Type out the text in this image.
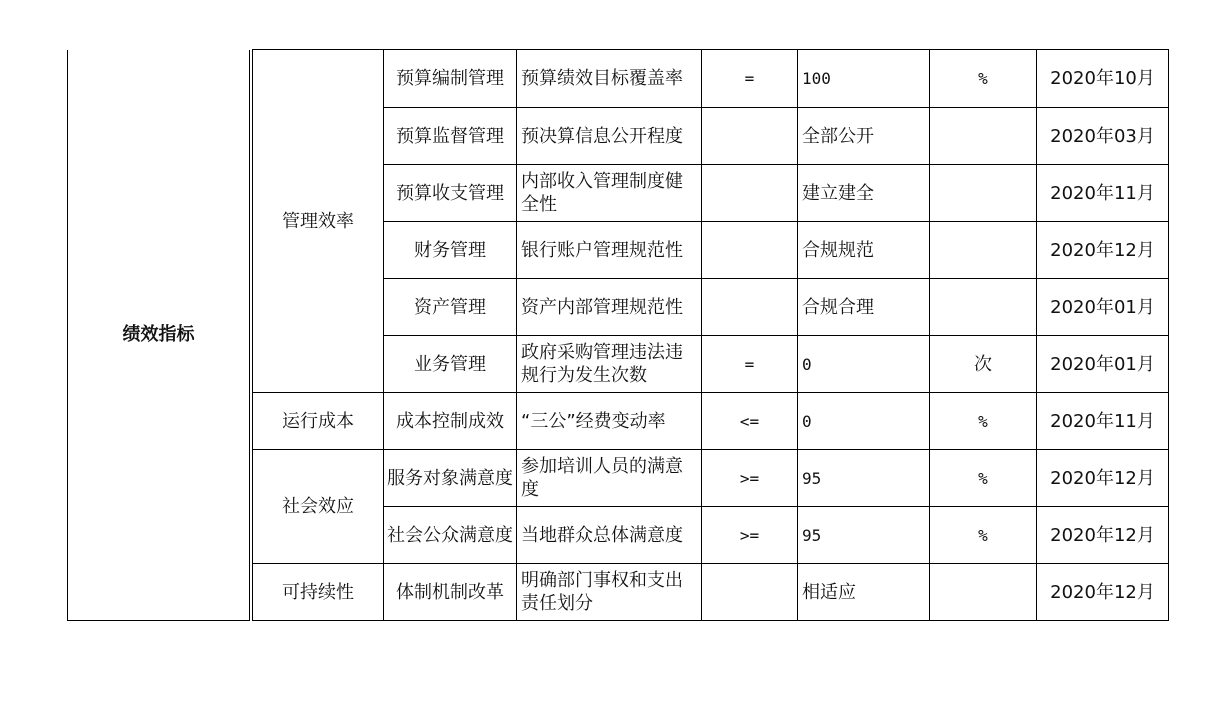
绩效指标		管理效率	预算编制管理	预算绩效目标覆盖率	=	100	%	2020年10月
			预算监督管理	预决算信息公开程度		全部公开		2020年03月
			预算收支管理	内部收入管理制度健全性		建立建全		2020年11月
			财务管理	银行账户管理规范性		合规规范		2020年12月
			资产管理	资产内部管理规范性		合规合理		2020年01月
			业务管理	政府采购管理违法违规行为发生次数	=	0	次	2020年01月
		运行成本	成本控制成效	“三公”经费变动率	<=	0	%	2020年11月
		社会效应	服务对象满意度	参加培训人员的满意度	>=	95	%	2020年12月
			社会公众满意度	当地群众总体满意度	>=	95	%	2020年12月
		可持续性	体制机制改革	明确部门事权和支出责任划分		相适应		2020年12月
